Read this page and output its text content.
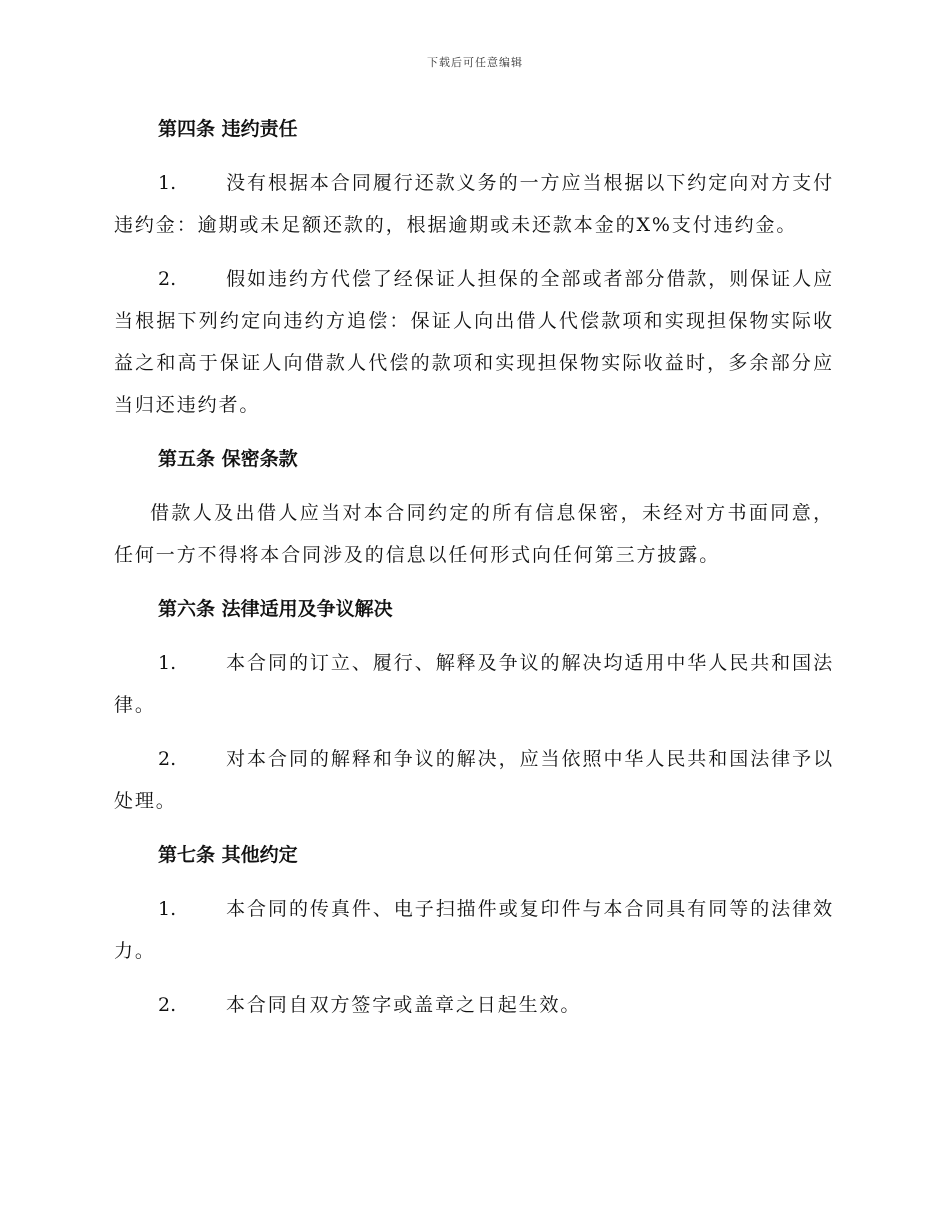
下载后可任意编辑

第四条 违约责任

1.	没有根据本合同履行还款义务的一方应当根据以下约定向对方支付违约金：逾期或未足额还款的，根据逾期或未还款本金的X%支付违约金。

2.	假如违约方代偿了经保证人担保的全部或者部分借款，则保证人应当根据下列约定向违约方追偿：保证人向出借人代偿款项和实现担保物实际收益之和高于保证人向借款人代偿的款项和实现担保物实际收益时，多余部分应当归还违约者。

第五条 保密条款

借款人及出借人应当对本合同约定的所有信息保密，未经对方书面同意，任何一方不得将本合同涉及的信息以任何形式向任何第三方披露。

第六条 法律适用及争议解决

1.	本合同的订立、履行、解释及争议的解决均适用中华人民共和国法律。

2.	对本合同的解释和争议的解决，应当依照中华人民共和国法律予以处理。

第七条 其他约定

1.	本合同的传真件、电子扫描件或复印件与本合同具有同等的法律效力。

2.	本合同自双方签字或盖章之日起生效。
